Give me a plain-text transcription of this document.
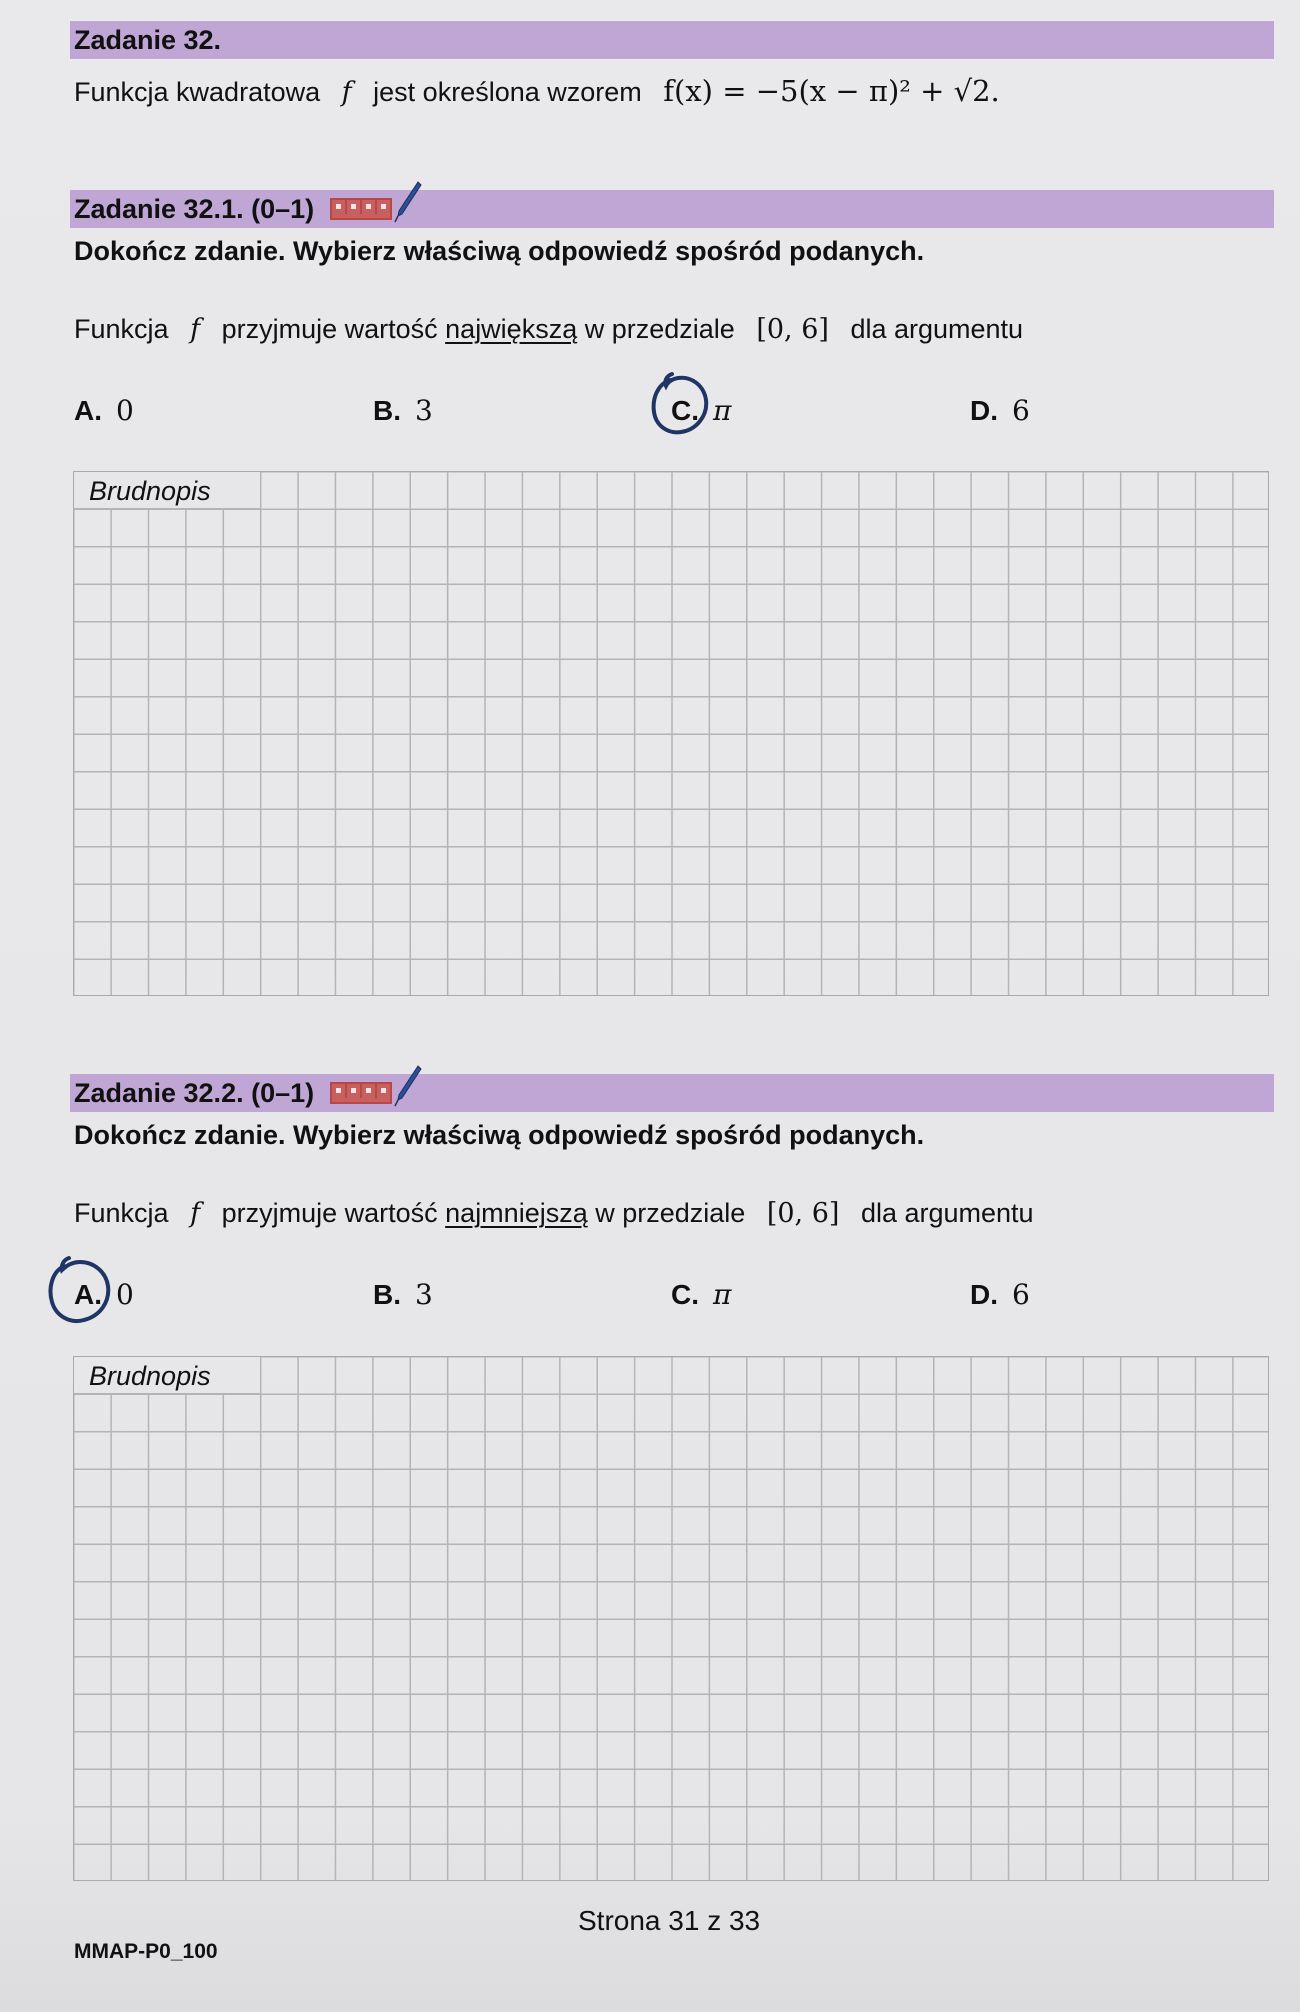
Zadanie 32.
Funkcja kwadratowa f jest określona wzorem f(x) = −5(x − π)² + √2.
Zadanie 32.1. (0–1)
Dokończ zdanie. Wybierz właściwą odpowiedź spośród podanych.
Funkcja f przyjmuje wartość największą w przedziale [0, 6] dla argumentu
A. 0	B. 3	C. π	D. 6
Brudnopis
Zadanie 32.2. (0–1)
Dokończ zdanie. Wybierz właściwą odpowiedź spośród podanych.
Funkcja f przyjmuje wartość najmniejszą w przedziale [0, 6] dla argumentu
A. 0	B. 3	C. π	D. 6
Brudnopis
Strona 31 z 33
MMAP-P0_100
